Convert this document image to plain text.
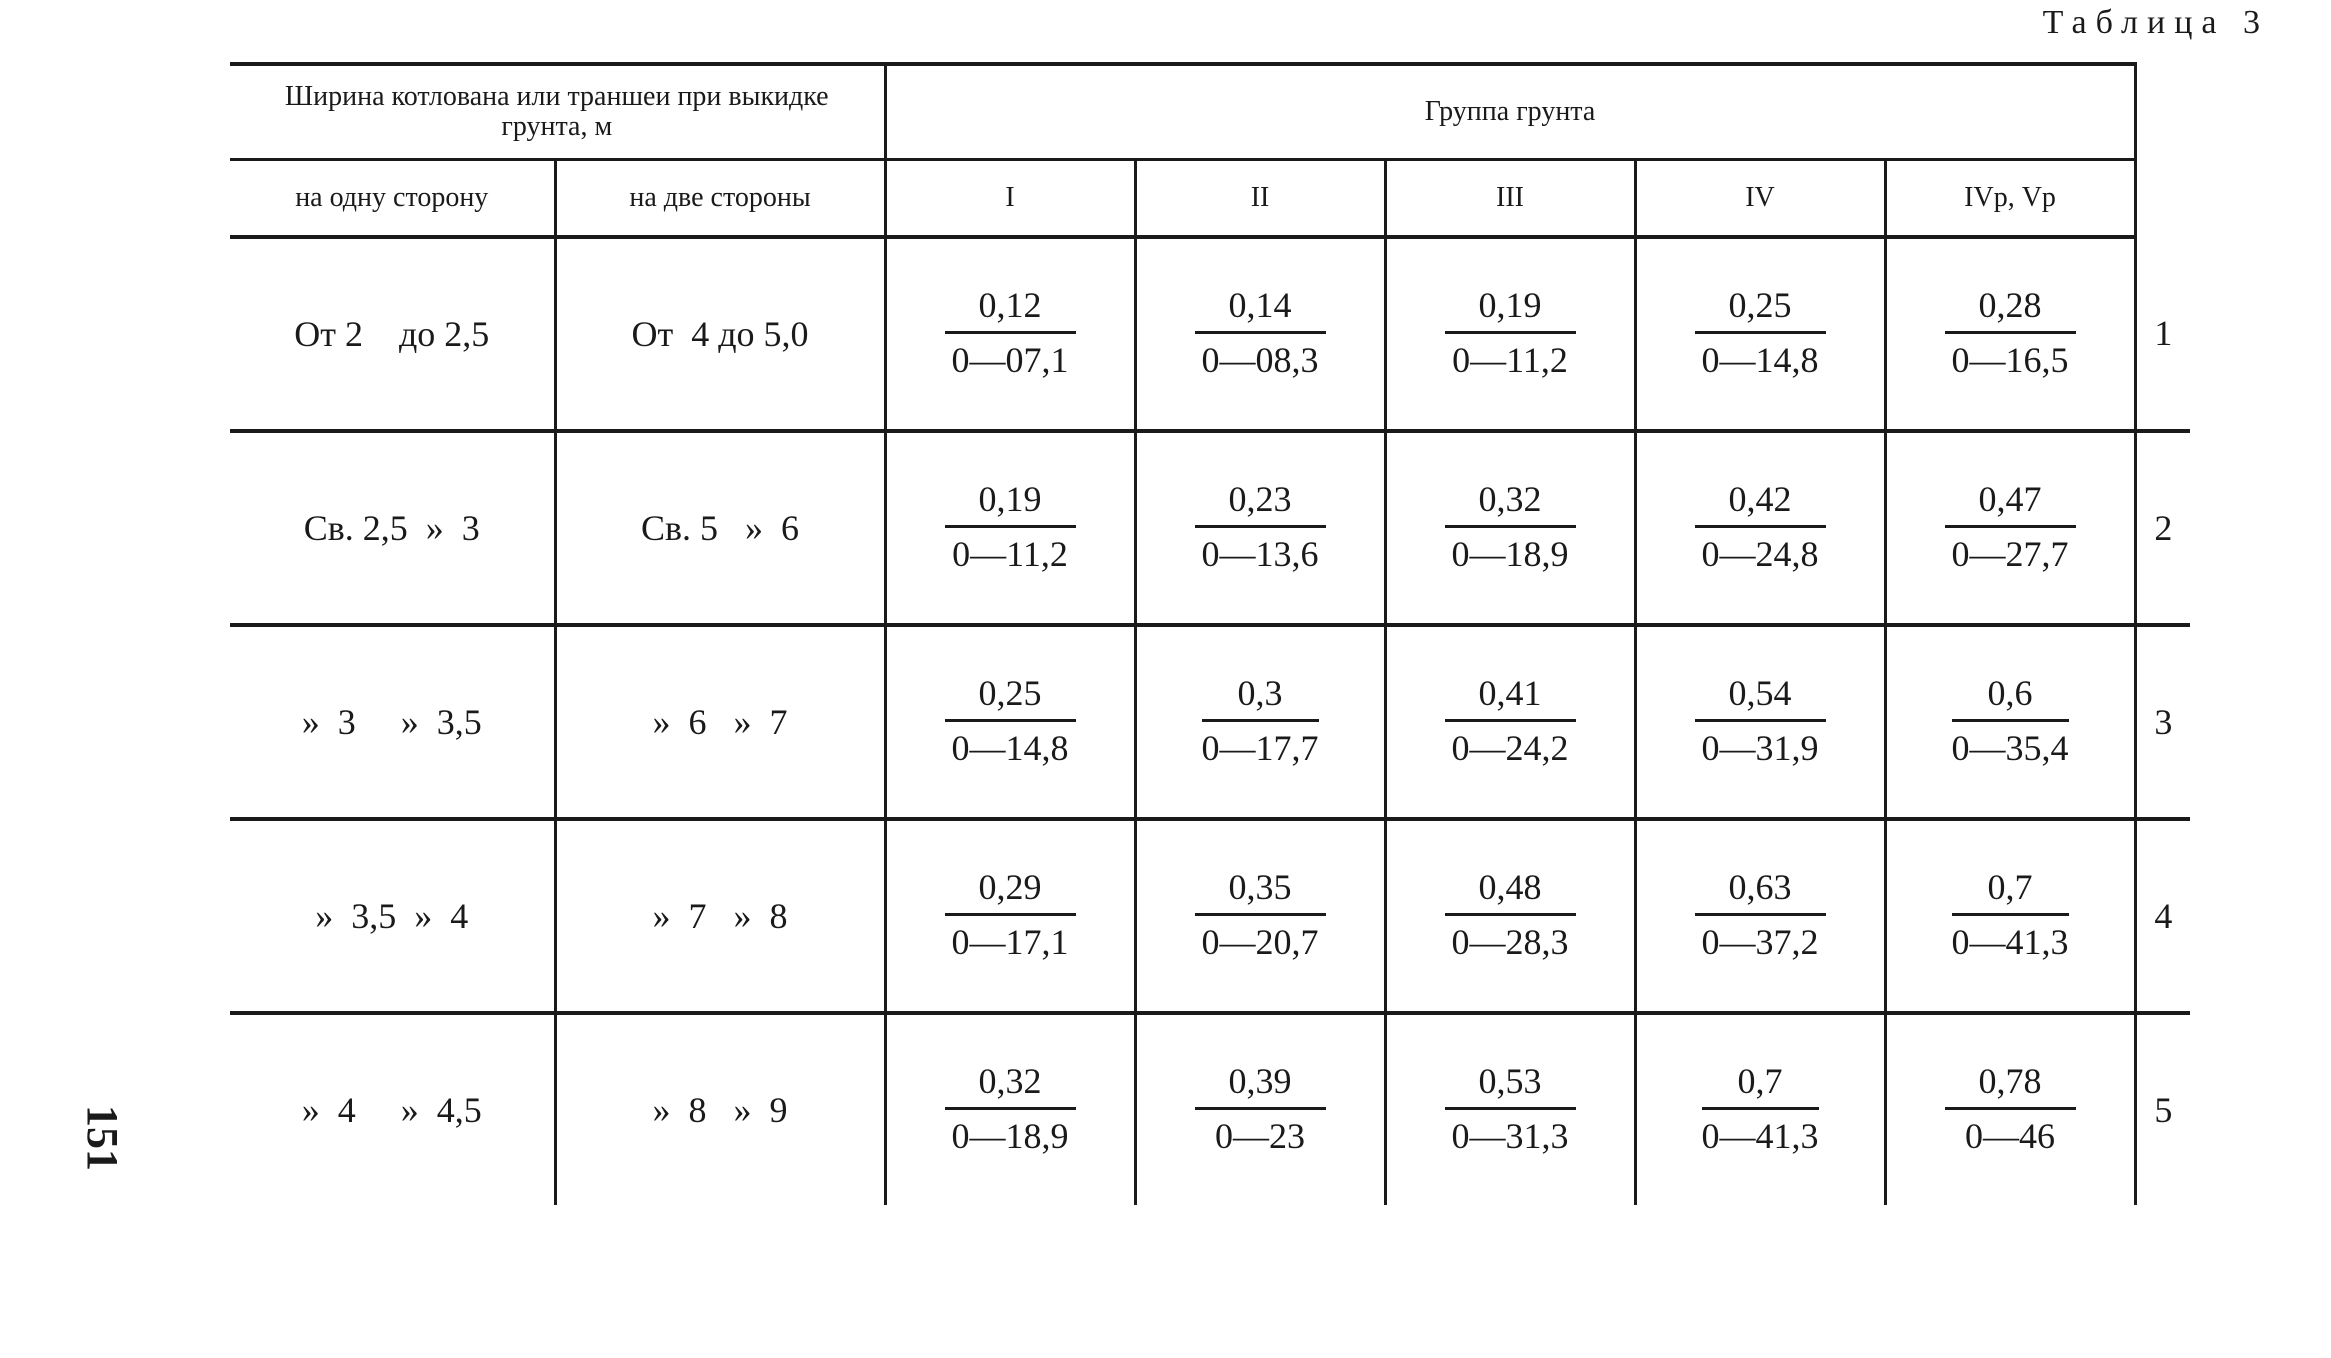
Таблица 3
151
Ширина котлована или траншеи при выкидке грунта, м		Группа грунта					
на одну сторону	на две стороны	I	II	III	IV	IVр, Vр	
От 2    до 2,5	От  4 до 5,0	$\frac{0,12}{0—07,1}$	$\frac{0,14}{0—08,3}$	$\frac{0,19}{0—11,2}$	$\frac{0,25}{0—14,8}$	$\frac{0,28}{0—16,5}$	1
Св. 2,5  »  3	Св. 5   »  6	$\frac{0,19}{0—11,2}$	$\frac{0,23}{0—13,6}$	$\frac{0,32}{0—18,9}$	$\frac{0,42}{0—24,8}$	$\frac{0,47}{0—27,7}$	2
»  3     »  3,5	»  6   »  7	$\frac{0,25}{0—14,8}$	$\frac{0,3}{0—17,7}$	$\frac{0,41}{0—24,2}$	$\frac{0,54}{0—31,9}$	$\frac{0,6}{0—35,4}$	3
»  3,5  »  4	»  7   »  8	$\frac{0,29}{0—17,1}$	$\frac{0,35}{0—20,7}$	$\frac{0,48}{0—28,3}$	$\frac{0,63}{0—37,2}$	$\frac{0,7}{0—41,3}$	4
»  4     »  4,5	»  8   »  9	$\frac{0,32}{0—18,9}$	$\frac{0,39}{0—23}$	$\frac{0,53}{0—31,3}$	$\frac{0,7}{0—41,3}$	$\frac{0,78}{0—46}$	5
